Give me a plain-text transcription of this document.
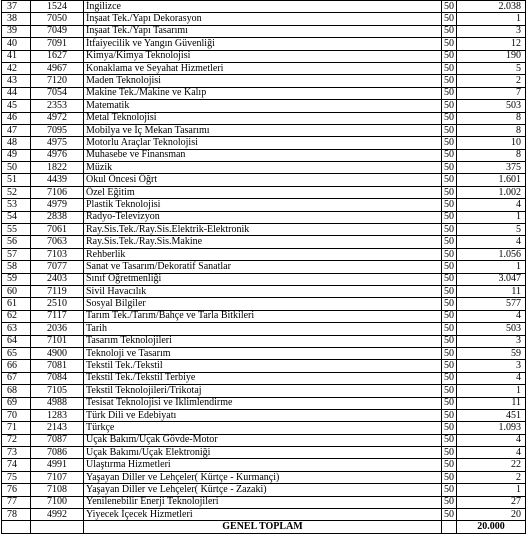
37	1524	İngilizce	50	2.038
38	7050	İnşaat Tek./Yapı Dekorasyon	50	1
39	7049	İnşaat Tek./Yapı Tasarımı	50	3
40	7091	İtfaiyecilik ve Yangın Güvenliği	50	12
41	1627	Kimya/Kimya Teknolojisi	50	190
42	4967	Konaklama ve Seyahat Hizmetleri	50	5
43	7120	Maden Teknolojisi	50	2
44	7054	Makine Tek./Makine ve Kalıp	50	7
45	2353	Matematik	50	503
46	4972	Metal Teknolojisi	50	8
47	7095	Mobilya ve İç Mekan Tasarımı	50	8
48	4975	Motorlu Araçlar Teknolojisi	50	10
49	4976	Muhasebe ve Finansman	50	8
50	1822	Müzik	50	375
51	4439	Okul Öncesi Öğrt	50	1.601
52	7106	Özel Eğitim	50	1.002
53	4979	Plastik Teknolojisi	50	4
54	2838	Radyo-Televizyon	50	1
55	7061	Ray.Sis.Tek./Ray.Sis.Elektrik-Elektronik	50	5
56	7063	Ray.Sis.Tek./Ray.Sis.Makine	50	4
57	7103	Rehberlik	50	1.056
58	7077	Sanat ve Tasarım/Dekoratif Sanatlar	50	1
59	2403	Sınıf Öğretmenliği	50	3.047
60	7119	Sivil Havacılık	50	11
61	2510	Sosyal Bilgiler	50	577
62	7117	Tarım Tek./Tarım/Bahçe ve Tarla Bitkileri	50	4
63	2036	Tarih	50	503
64	7101	Tasarım Teknolojileri	50	3
65	4900	Teknoloji ve Tasarım	50	59
66	7081	Tekstil Tek./Tekstil	50	3
67	7084	Tekstil Tek./Tekstil Terbiye	50	4
68	7105	Tekstil Teknolojileri/Trikotaj	50	1
69	4988	Tesisat Teknolojisi ve İklimlendirme	50	11
70	1283	Türk Dili ve Edebiyatı	50	451
71	2143	Türkçe	50	1.093
72	7087	Uçak Bakım/Uçak Gövde-Motor	50	4
73	7086	Uçak Bakımı/Uçak Elektroniği	50	4
74	4991	Ulaştırma Hizmetleri	50	22
75	7107	Yaşayan Diller ve Lehçeler( Kürtçe - Kurmançi)	50	2
76	7108	Yaşayan Diller ve Lehçeler( Kürtçe - Zazaki)	50	1
77	7100	Yenilenebilir Enerji Teknolojileri	50	27
78	4992	Yiyecek İçecek Hizmetleri	50	20
		GENEL TOPLAM		20.000
